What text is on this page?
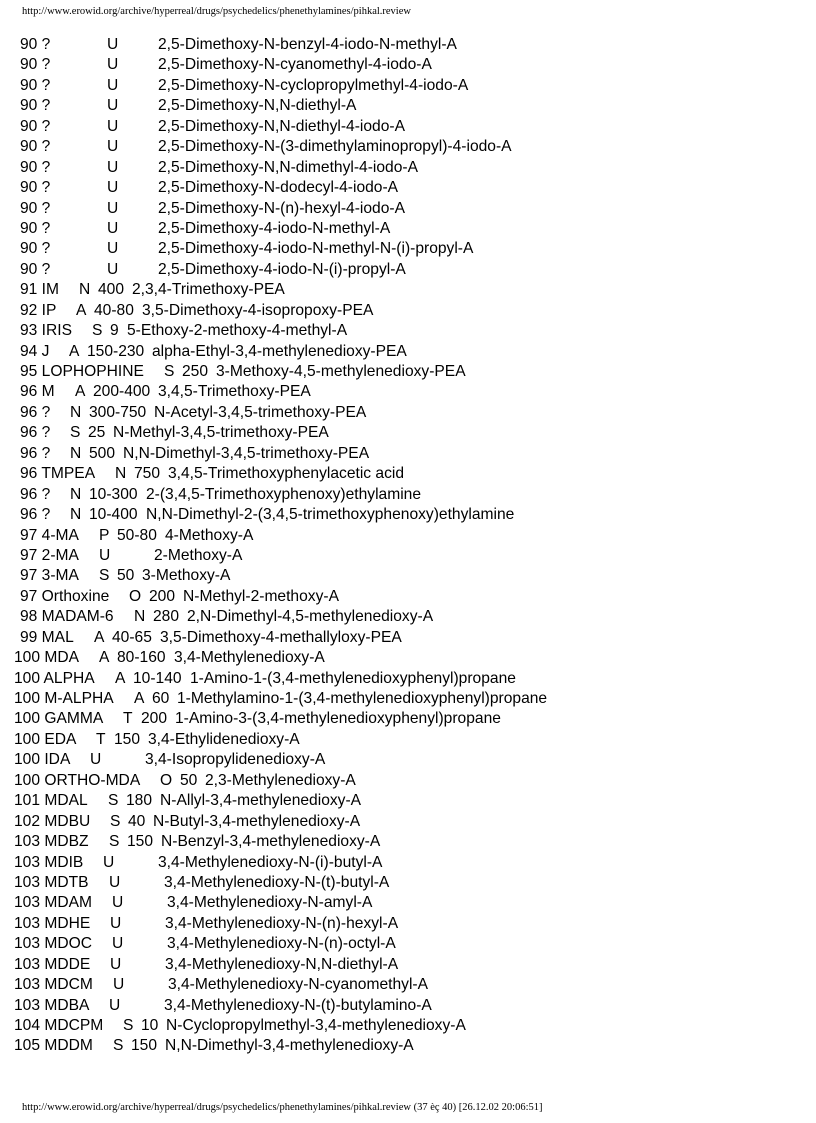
http://www.erowid.org/archive/hyperreal/drugs/psychedelics/phenethylamines/pihkal.review
90 ?	U	2,5-Dimethoxy-N-benzyl-4-iodo-N-methyl-A
90 ?	U	2,5-Dimethoxy-N-cyanomethyl-4-iodo-A
90 ?	U	2,5-Dimethoxy-N-cyclopropylmethyl-4-iodo-A
90 ?	U	2,5-Dimethoxy-N,N-diethyl-A
90 ?	U	2,5-Dimethoxy-N,N-diethyl-4-iodo-A
90 ?	U	2,5-Dimethoxy-N-(3-dimethylaminopropyl)-4-iodo-A
90 ?	U	2,5-Dimethoxy-N,N-dimethyl-4-iodo-A
90 ?	U	2,5-Dimethoxy-N-dodecyl-4-iodo-A
90 ?	U	2,5-Dimethoxy-N-(n)-hexyl-4-iodo-A
90 ?	U	2,5-Dimethoxy-4-iodo-N-methyl-A
90 ?	U	2,5-Dimethoxy-4-iodo-N-methyl-N-(i)-propyl-A
90 ?	U	2,5-Dimethoxy-4-iodo-N-(i)-propyl-A
91 IM N 400 2,3,4-Trimethoxy-PEA
92 IP A 40-80 3,5-Dimethoxy-4-isopropoxy-PEA
93 IRIS S 9 5-Ethoxy-2-methoxy-4-methyl-A
94 J A 150-230 alpha-Ethyl-3,4-methylenedioxy-PEA
95 LOPHOPHINE S 250 3-Methoxy-4,5-methylenedioxy-PEA
96 M A 200-400 3,4,5-Trimethoxy-PEA
96 ? N 300-750 N-Acetyl-3,4,5-trimethoxy-PEA
96 ? S 25 N-Methyl-3,4,5-trimethoxy-PEA
96 ? N 500 N,N-Dimethyl-3,4,5-trimethoxy-PEA
96 TMPEA N 750 3,4,5-Trimethoxyphenylacetic acid
96 ? N 10-300 2-(3,4,5-Trimethoxyphenoxy)ethylamine
96 ? N 10-400 N,N-Dimethyl-2-(3,4,5-trimethoxyphenoxy)ethylamine
97 4-MA P 50-80 4-Methoxy-A
97 2-MA U	2-Methoxy-A
97 3-MA S 50 3-Methoxy-A
97 Orthoxine O 200 N-Methyl-2-methoxy-A
98 MADAM-6 N 280 2,N-Dimethyl-4,5-methylenedioxy-A
99 MAL A 40-65 3,5-Dimethoxy-4-methallyloxy-PEA
100 MDA A 80-160 3,4-Methylenedioxy-A
100 ALPHA A 10-140 1-Amino-1-(3,4-methylenedioxyphenyl)propane
100 M-ALPHA A 60 1-Methylamino-1-(3,4-methylenedioxyphenyl)propane
100 GAMMA T 200 1-Amino-3-(3,4-methylenedioxyphenyl)propane
100 EDA T 150 3,4-Ethylidenedioxy-A
100 IDA U	3,4-Isopropylidenedioxy-A
100 ORTHO-MDA O 50 2,3-Methylenedioxy-A
101 MDAL S 180 N-Allyl-3,4-methylenedioxy-A
102 MDBU S 40 N-Butyl-3,4-methylenedioxy-A
103 MDBZ S 150 N-Benzyl-3,4-methylenedioxy-A
103 MDIB U	3,4-Methylenedioxy-N-(i)-butyl-A
103 MDTB U	3,4-Methylenedioxy-N-(t)-butyl-A
103 MDAM U	3,4-Methylenedioxy-N-amyl-A
103 MDHE U	3,4-Methylenedioxy-N-(n)-hexyl-A
103 MDOC U	3,4-Methylenedioxy-N-(n)-octyl-A
103 MDDE U	3,4-Methylenedioxy-N,N-diethyl-A
103 MDCM U	3,4-Methylenedioxy-N-cyanomethyl-A
103 MDBA U	3,4-Methylenedioxy-N-(t)-butylamino-A
104 MDCPM S 10 N-Cyclopropylmethyl-3,4-methylenedioxy-A
105 MDDM S 150 N,N-Dimethyl-3,4-methylenedioxy-A
http://www.erowid.org/archive/hyperreal/drugs/psychedelics/phenethylamines/pihkal.review (37 èç 40) [26.12.02 20:06:51]
